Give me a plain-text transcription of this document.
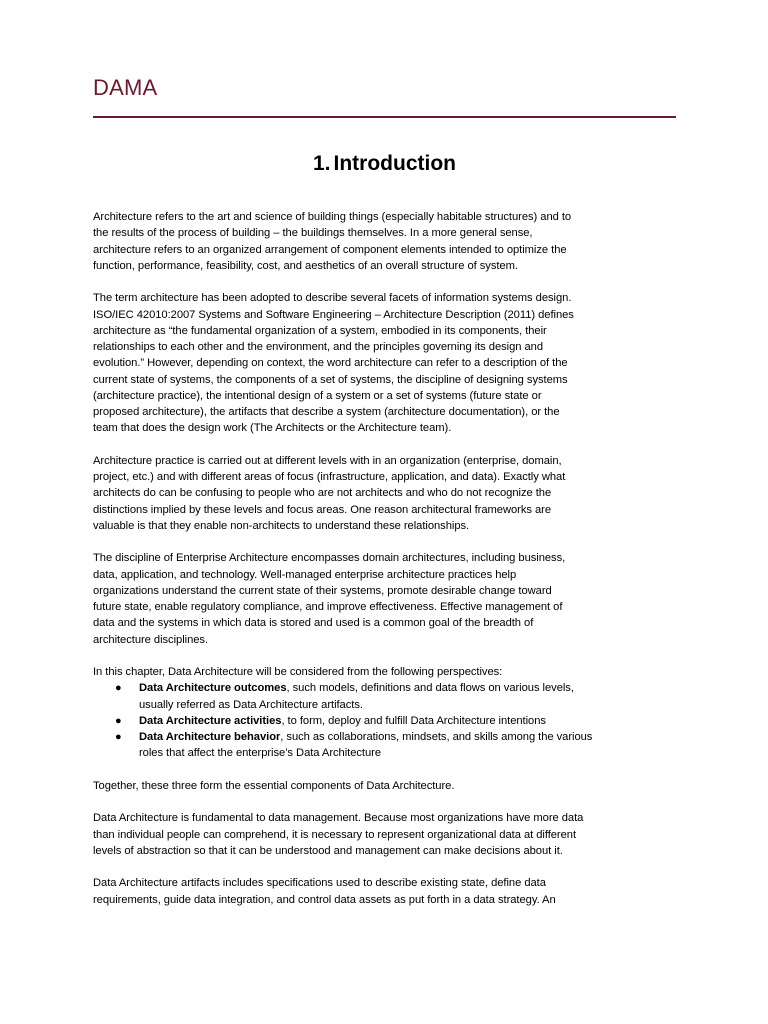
DAMA
1. Introduction
Architecture refers to the art and science of building things (especially habitable structures) and to
the results of the process of building – the buildings themselves. In a more general sense,
architecture refers to an organized arrangement of component elements intended to optimize the
function, performance, feasibility, cost, and aesthetics of an overall structure of system.
The term architecture has been adopted to describe several facets of information systems design.
ISO/IEC 42010:2007 Systems and Software Engineering – Architecture Description (2011) defines
architecture as “the fundamental organization of a system, embodied in its components, their
relationships to each other and the environment, and the principles governing its design and
evolution.” However, depending on context, the word architecture can refer to a description of the
current state of systems, the components of a set of systems, the discipline of designing systems
(architecture practice), the intentional design of a system or a set of systems (future state or
proposed architecture), the artifacts that describe a system (architecture documentation), or the
team that does the design work (The Architects or the Architecture team).
Architecture practice is carried out at different levels with in an organization (enterprise, domain,
project, etc.) and with different areas of focus (infrastructure, application, and data). Exactly what
architects do can be confusing to people who are not architects and who do not recognize the
distinctions implied by these levels and focus areas. One reason architectural frameworks are
valuable is that they enable non-architects to understand these relationships.
The discipline of Enterprise Architecture encompasses domain architectures, including business,
data, application, and technology. Well-managed enterprise architecture practices help
organizations understand the current state of their systems, promote desirable change toward
future state, enable regulatory compliance, and improve effectiveness. Effective management of
data and the systems in which data is stored and used is a common goal of the breadth of
architecture disciplines.
In this chapter, Data Architecture will be considered from the following perspectives:
● Data Architecture outcomes, such models, definitions and data flows on various levels,
usually referred as Data Architecture artifacts.
● Data Architecture activities, to form, deploy and fulfill Data Architecture intentions
● Data Architecture behavior, such as collaborations, mindsets, and skills among the various
roles that affect the enterprise’s Data Architecture
Together, these three form the essential components of Data Architecture.
Data Architecture is fundamental to data management. Because most organizations have more data
than individual people can comprehend, it is necessary to represent organizational data at different
levels of abstraction so that it can be understood and management can make decisions about it.
Data Architecture artifacts includes specifications used to describe existing state, define data
requirements, guide data integration, and control data assets as put forth in a data strategy. An
